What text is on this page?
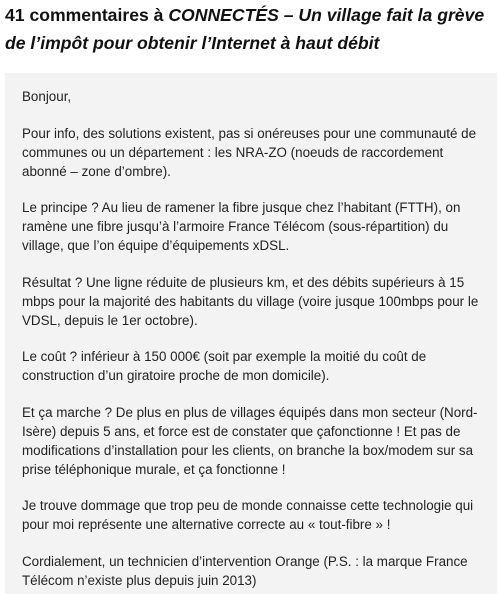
41 commentaires à CONNECTÉS – Un village fait la grève de l’impôt pour obtenir l’Internet à haut débit

Bonjour,

Pour info, des solutions existent, pas si onéreuses pour une communauté de
communes ou un département : les NRA-ZO (noeuds de raccordement
abonné – zone d’ombre).

Le principe ? Au lieu de ramener la fibre jusque chez l’habitant (FTTH), on
ramène une fibre jusqu’à l’armoire France Télécom (sous-répartition) du
village, que l’on équipe d’équipements xDSL.

Résultat ? Une ligne réduite de plusieurs km, et des débits supérieurs à 15
mbps pour la majorité des habitants du village (voire jusque 100mbps pour le
VDSL, depuis le 1er octobre).

Le coût ? inférieur à 150 000€ (soit par exemple la moitié du coût de
construction d’un giratoire proche de mon domicile).

Et ça marche ? De plus en plus de villages équipés dans mon secteur (Nord-
Isère) depuis 5 ans, et force est de constater que çafonctionne ! Et pas de
modifications d’installation pour les clients, on branche la box/modem sur sa
prise téléphonique murale, et ça fonctionne !

Je trouve dommage que trop peu de monde connaisse cette technologie qui
pour moi représente une alternative correcte au « tout-fibre » !

Cordialement, un technicien d’intervention Orange (P.S. : la marque France
Télécom n’existe plus depuis juin 2013)
